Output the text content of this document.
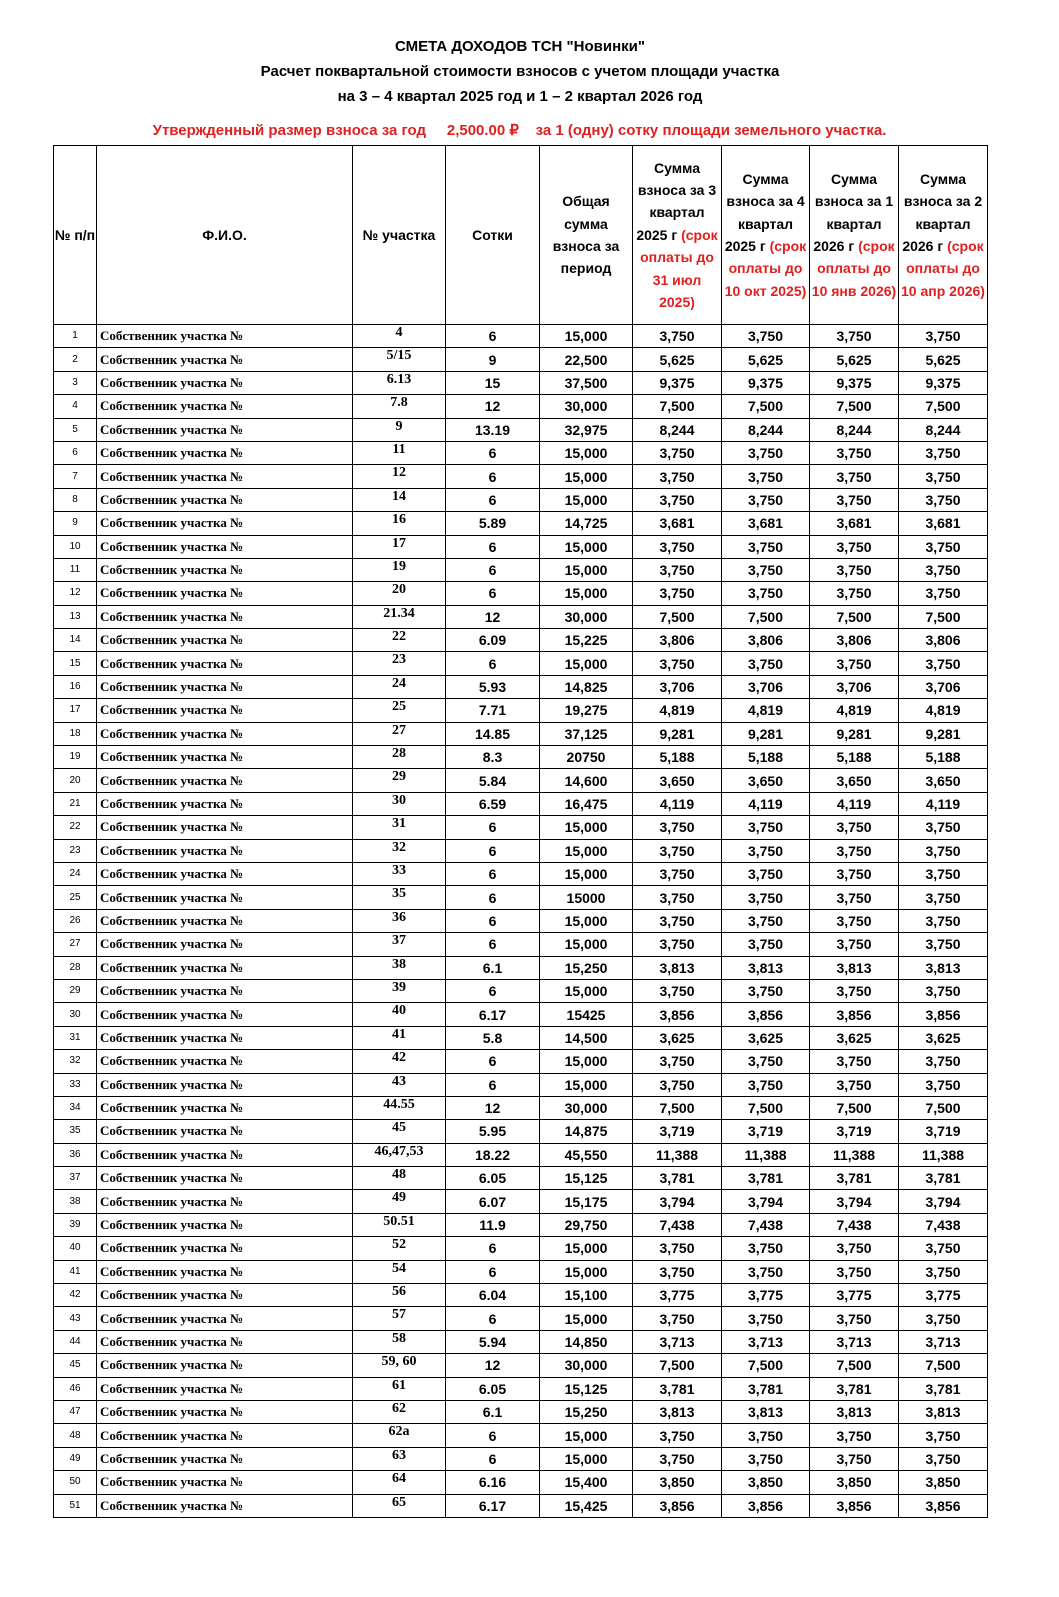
СМЕТА ДОХОДОВ ТСН "Новинки"
Расчет поквартальной стоимости взносов с учетом площади участка
на 3 – 4 квартал 2025 год и 1 – 2 квартал 2026 год
Утвержденный размер взноса за год     2,500.00 ₽    за 1 (одну) сотку площади земельного участка.
№ п/п	Ф.И.О.	№ участка	Сотки	Общая сумма взноса за период	Сумма взноса за 3 квартал 2025 г (срок оплаты до 31 июл 2025)	Сумма взноса за 4 квартал 2025 г (срок оплаты до 10 окт 2025)	Сумма взноса за 1 квартал 2026 г (срок оплаты до 10 янв 2026)	Сумма взноса за 2 квартал 2026 г (срок оплаты до 10 апр 2026)
1	Собственник участка №	4	6	15,000	3,750	3,750	3,750	3,750
2	Собственник участка №	5/15	9	22,500	5,625	5,625	5,625	5,625
3	Собственник участка №	6.13	15	37,500	9,375	9,375	9,375	9,375
4	Собственник участка №	7.8	12	30,000	7,500	7,500	7,500	7,500
5	Собственник участка №	9	13.19	32,975	8,244	8,244	8,244	8,244
6	Собственник участка №	11	6	15,000	3,750	3,750	3,750	3,750
7	Собственник участка №	12	6	15,000	3,750	3,750	3,750	3,750
8	Собственник участка №	14	6	15,000	3,750	3,750	3,750	3,750
9	Собственник участка №	16	5.89	14,725	3,681	3,681	3,681	3,681
10	Собственник участка №	17	6	15,000	3,750	3,750	3,750	3,750
11	Собственник участка №	19	6	15,000	3,750	3,750	3,750	3,750
12	Собственник участка №	20	6	15,000	3,750	3,750	3,750	3,750
13	Собственник участка №	21.34	12	30,000	7,500	7,500	7,500	7,500
14	Собственник участка №	22	6.09	15,225	3,806	3,806	3,806	3,806
15	Собственник участка №	23	6	15,000	3,750	3,750	3,750	3,750
16	Собственник участка №	24	5.93	14,825	3,706	3,706	3,706	3,706
17	Собственник участка №	25	7.71	19,275	4,819	4,819	4,819	4,819
18	Собственник участка №	27	14.85	37,125	9,281	9,281	9,281	9,281
19	Собственник участка №	28	8.3	20750	5,188	5,188	5,188	5,188
20	Собственник участка №	29	5.84	14,600	3,650	3,650	3,650	3,650
21	Собственник участка №	30	6.59	16,475	4,119	4,119	4,119	4,119
22	Собственник участка №	31	6	15,000	3,750	3,750	3,750	3,750
23	Собственник участка №	32	6	15,000	3,750	3,750	3,750	3,750
24	Собственник участка №	33	6	15,000	3,750	3,750	3,750	3,750
25	Собственник участка №	35	6	15000	3,750	3,750	3,750	3,750
26	Собственник участка №	36	6	15,000	3,750	3,750	3,750	3,750
27	Собственник участка №	37	6	15,000	3,750	3,750	3,750	3,750
28	Собственник участка №	38	6.1	15,250	3,813	3,813	3,813	3,813
29	Собственник участка №	39	6	15,000	3,750	3,750	3,750	3,750
30	Собственник участка №	40	6.17	15425	3,856	3,856	3,856	3,856
31	Собственник участка №	41	5.8	14,500	3,625	3,625	3,625	3,625
32	Собственник участка №	42	6	15,000	3,750	3,750	3,750	3,750
33	Собственник участка №	43	6	15,000	3,750	3,750	3,750	3,750
34	Собственник участка №	44.55	12	30,000	7,500	7,500	7,500	7,500
35	Собственник участка №	45	5.95	14,875	3,719	3,719	3,719	3,719
36	Собственник участка №	46,47,53	18.22	45,550	11,388	11,388	11,388	11,388
37	Собственник участка №	48	6.05	15,125	3,781	3,781	3,781	3,781
38	Собственник участка №	49	6.07	15,175	3,794	3,794	3,794	3,794
39	Собственник участка №	50.51	11.9	29,750	7,438	7,438	7,438	7,438
40	Собственник участка №	52	6	15,000	3,750	3,750	3,750	3,750
41	Собственник участка №	54	6	15,000	3,750	3,750	3,750	3,750
42	Собственник участка №	56	6.04	15,100	3,775	3,775	3,775	3,775
43	Собственник участка №	57	6	15,000	3,750	3,750	3,750	3,750
44	Собственник участка №	58	5.94	14,850	3,713	3,713	3,713	3,713
45	Собственник участка №	59, 60	12	30,000	7,500	7,500	7,500	7,500
46	Собственник участка №	61	6.05	15,125	3,781	3,781	3,781	3,781
47	Собственник участка №	62	6.1	15,250	3,813	3,813	3,813	3,813
48	Собственник участка №	62а	6	15,000	3,750	3,750	3,750	3,750
49	Собственник участка №	63	6	15,000	3,750	3,750	3,750	3,750
50	Собственник участка №	64	6.16	15,400	3,850	3,850	3,850	3,850
51	Собственник участка №	65	6.17	15,425	3,856	3,856	3,856	3,856
